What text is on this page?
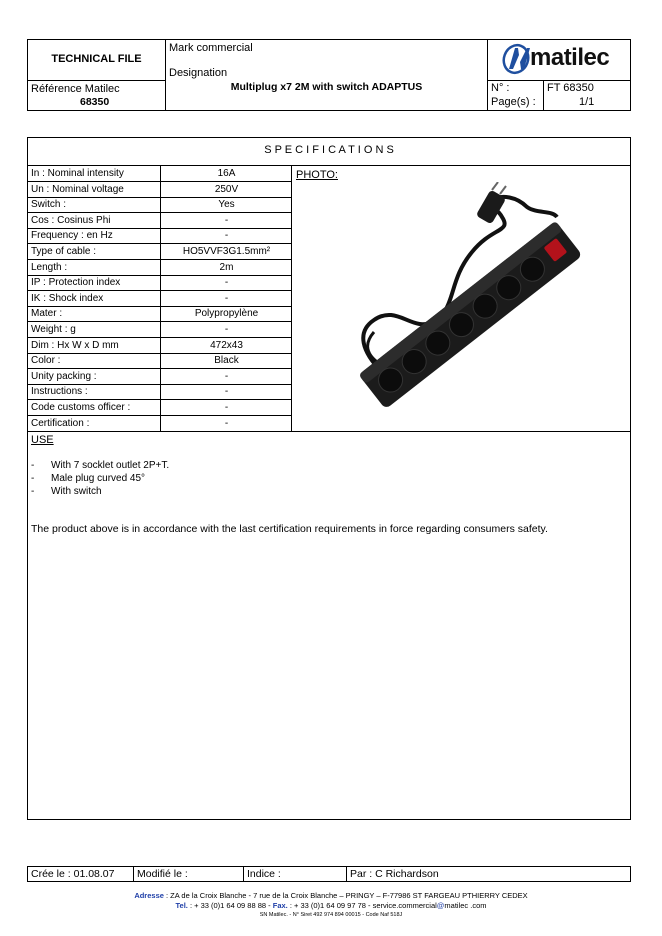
TECHNICAL FILE
Mark commercial
Designation
Multiplug x7 2M with switch ADAPTUS
Référence Matilec
68350
matilec
N° :	FT 68350
Page(s) :	1/1
S P E C I F I C A T I O N S
In : Nominal intensity	16A
Un : Nominal voltage	250V
Switch :	Yes
Cos : Cosinus Phi	-
Frequency : en Hz	-
Type of cable :	HO5VVF3G1.5mm²
Length :	2m
IP : Protection index	-
IK : Shock index	-
Mater :	Polypropylène
Weight : g	-
Dim : Hx W x D mm	472x43
Color :	Black
Unity packing :	-
Instructions :	-
Code customs officer :	-
Certification :	-
PHOTO:
USE
- With 7 socklet outlet 2P+T.
- Male plug curved 45°
- With switch
The product above is in accordance with the last certification requirements in force regarding consumers safety.
Crée le : 01.08.07 Modifié le :	Indice :	Par : C Richardson
Adresse : ZA de la Croix Blanche - 7 rue de la Croix Blanche – PRINGY – F-77986 ST FARGEAU PTHIERRY CEDEX
Tel. : + 33 (0)1 64 09 88 88 - Fax. : + 33 (0)1 64 09 97 78 - service.commercial@matilec .com
SN Matilec. - N° Siret 492 974 894 00015 - Code Naf 518J
